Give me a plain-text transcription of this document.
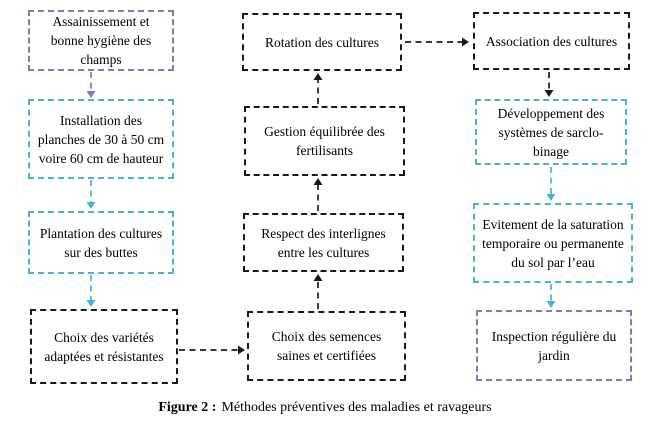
Assainissement et bonne hygiène des champs
Installation des planches de 30 à 50 cm voire 60 cm de hauteur
Plantation des cultures sur des buttes
Choix des variétés adaptées et résistantes
Rotation des cultures
Gestion équilibrée des fertilisants
Respect des interlignes entre les cultures
Choix des semences saines et certifiées
Association des cultures
Développement des systèmes de sarclo-binage
Evitement de la saturation temporaire ou permanente du sol par l’eau
Inspection régulière du jardin
Figure 2 : Méthodes préventives des maladies et ravageurs
